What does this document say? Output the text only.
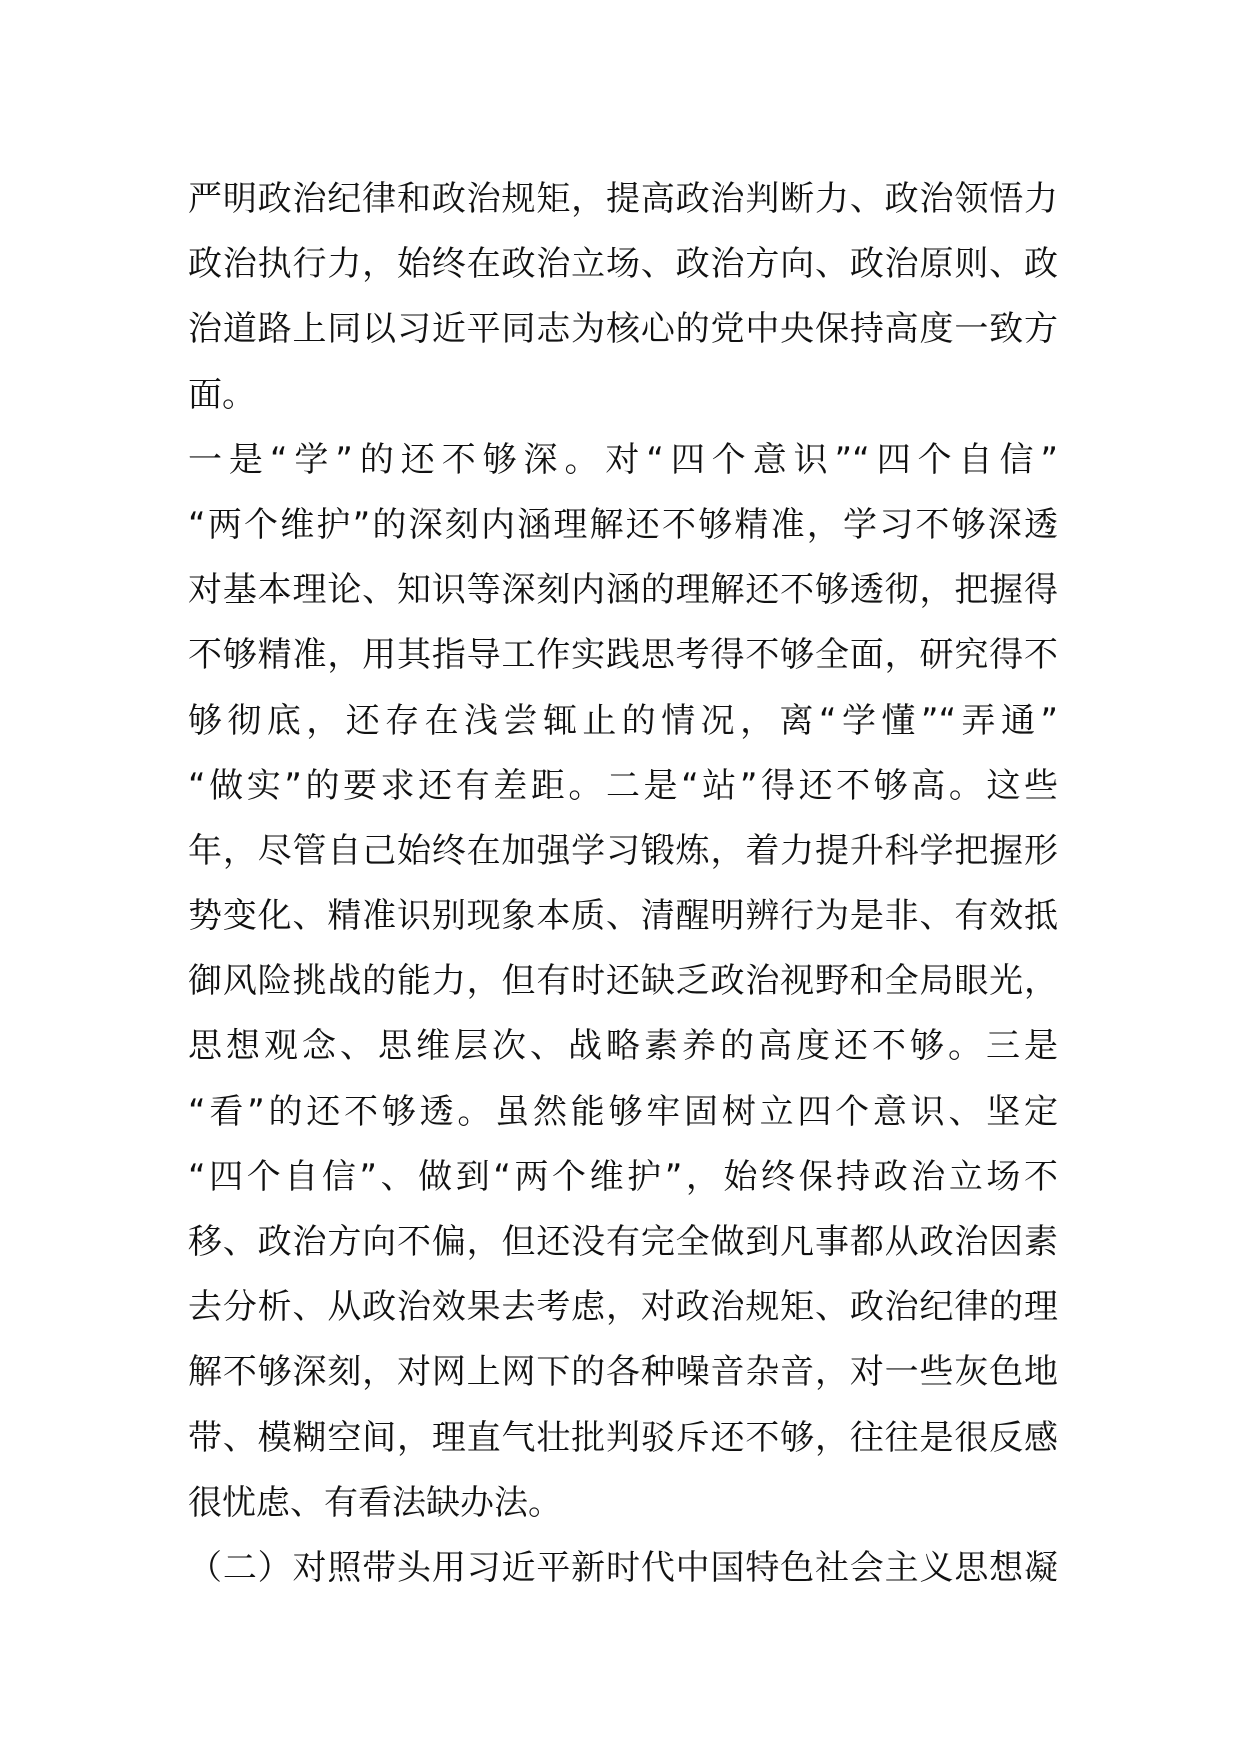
严明政治纪律和政治规矩，提高政治判断力、政治领悟力
政治执行力，始终在政治立场、政治方向、政治原则、政
治道路上同以习近平同志为核心的党中央保持高度一致方
面。
一是“学”的还不够深。对“四个意识”“四个自信”
“两个维护”的深刻内涵理解还不够精准，学习不够深透
对基本理论、知识等深刻内涵的理解还不够透彻，把握得
不够精准，用其指导工作实践思考得不够全面，研究得不
够彻底，还存在浅尝辄止的情况，离“学懂”“弄通”
“做实”的要求还有差距。二是“站”得还不够高。这些
年，尽管自己始终在加强学习锻炼，着力提升科学把握形
势变化、精准识别现象本质、清醒明辨行为是非、有效抵
御风险挑战的能力，但有时还缺乏政治视野和全局眼光，
思想观念、思维层次、战略素养的高度还不够。三是
“看”的还不够透。虽然能够牢固树立四个意识、坚定
“四个自信”、做到“两个维护”，始终保持政治立场不
移、政治方向不偏，但还没有完全做到凡事都从政治因素
去分析、从政治效果去考虑，对政治规矩、政治纪律的理
解不够深刻，对网上网下的各种噪音杂音，对一些灰色地
带、模糊空间，理直气壮批判驳斥还不够，往往是很反感
很忧虑、有看法缺办法。
（二）对照带头用习近平新时代中国特色社会主义思想凝
